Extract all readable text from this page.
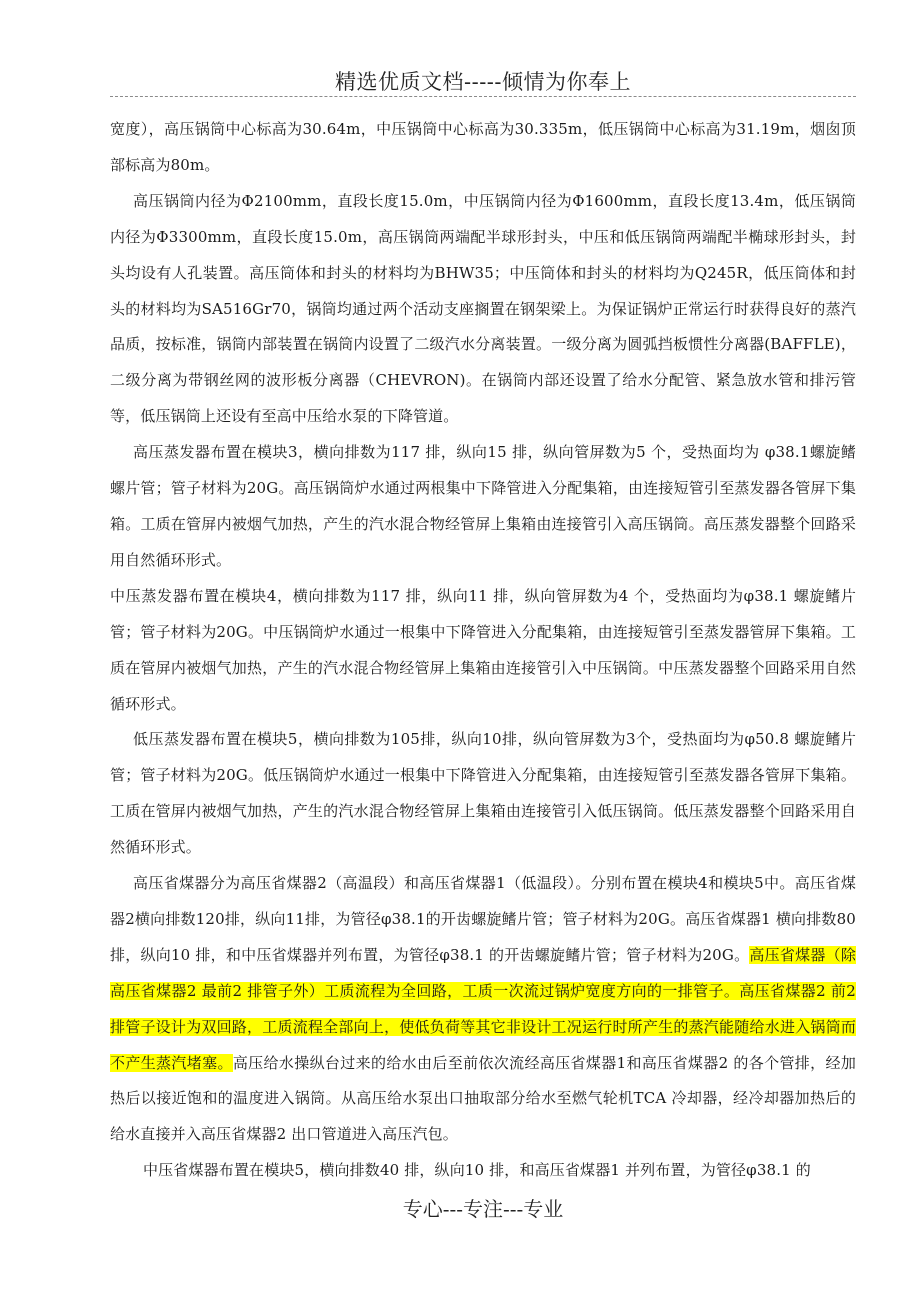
精选优质文档-----倾情为你奉上

宽度），高压锅筒中心标高为30.64m，中压锅筒中心标高为30.335m，低压锅筒中心标高为31.19m，烟囱顶部标高为80m。

高压锅筒内径为Φ2100mm，直段长度15.0m，中压锅筒内径为Φ1600mm，直段长度13.4m，低压锅筒内径为Φ3300mm，直段长度15.0m，高压锅筒两端配半球形封头，中压和低压锅筒两端配半椭球形封头，封头均设有人孔装置。高压筒体和封头的材料均为BHW35；中压筒体和封头的材料均为Q245R，低压筒体和封头的材料均为SA516Gr70，锅筒均通过两个活动支座搁置在钢架梁上。为保证锅炉正常运行时获得良好的蒸汽品质，按标准，锅筒内部装置在锅筒内设置了二级汽水分离装置。一级分离为圆弧挡板惯性分离器(BAFFLE)，二级分离为带钢丝网的波形板分离器（CHEVRON)。在锅筒内部还设置了给水分配管、紧急放水管和排污管等，低压锅筒上还设有至高中压给水泵的下降管道。

高压蒸发器布置在模块3，横向排数为117 排，纵向15 排，纵向管屏数为5 个，受热面均为 φ38.1螺旋鳍螺片管；管子材料为20G。高压锅筒炉水通过两根集中下降管进入分配集箱，由连接短管引至蒸发器各管屏下集箱。工质在管屏内被烟气加热，产生的汽水混合物经管屏上集箱由连接管引入高压锅筒。高压蒸发器整个回路采用自然循环形式。

中压蒸发器布置在模块4，横向排数为117 排，纵向11 排，纵向管屏数为4 个，受热面均为φ38.1 螺旋鳍片管；管子材料为20G。中压锅筒炉水通过一根集中下降管进入分配集箱，由连接短管引至蒸发器管屏下集箱。工质在管屏内被烟气加热，产生的汽水混合物经管屏上集箱由连接管引入中压锅筒。中压蒸发器整个回路采用自然循环形式。

低压蒸发器布置在模块5，横向排数为105排，纵向10排，纵向管屏数为3个，受热面均为φ50.8 螺旋鳍片管；管子材料为20G。低压锅筒炉水通过一根集中下降管进入分配集箱，由连接短管引至蒸发器各管屏下集箱。工质在管屏内被烟气加热，产生的汽水混合物经管屏上集箱由连接管引入低压锅筒。低压蒸发器整个回路采用自然循环形式。

高压省煤器分为高压省煤器2（高温段）和高压省煤器1（低温段）。分别布置在模块4和模块5中。高压省煤器2横向排数120排，纵向11排，为管径φ38.1的开齿螺旋鳍片管；管子材料为20G。高压省煤器1 横向排数80 排，纵向10 排，和中压省煤器并列布置，为管径φ38.1 的开齿螺旋鳍片管；管子材料为20G。高压省煤器（除高压省煤器2 最前2 排管子外）工质流程为全回路，工质一次流过锅炉宽度方向的一排管子。高压省煤器2 前2 排管子设计为双回路，工质流程全部向上，使低负荷等其它非设计工况运行时所产生的蒸汽能随给水进入锅筒而不产生蒸汽堵塞。高压给水操纵台过来的给水由后至前依次流经高压省煤器1和高压省煤器2 的各个管排，经加热后以接近饱和的温度进入锅筒。从高压给水泵出口抽取部分给水至燃气轮机TCA 冷却器，经冷却器加热后的给水直接并入高压省煤器2 出口管道进入高压汽包。

中压省煤器布置在模块5，横向排数40 排，纵向10 排，和高压省煤器1 并列布置，为管径φ38.1 的

专心---专注---专业
